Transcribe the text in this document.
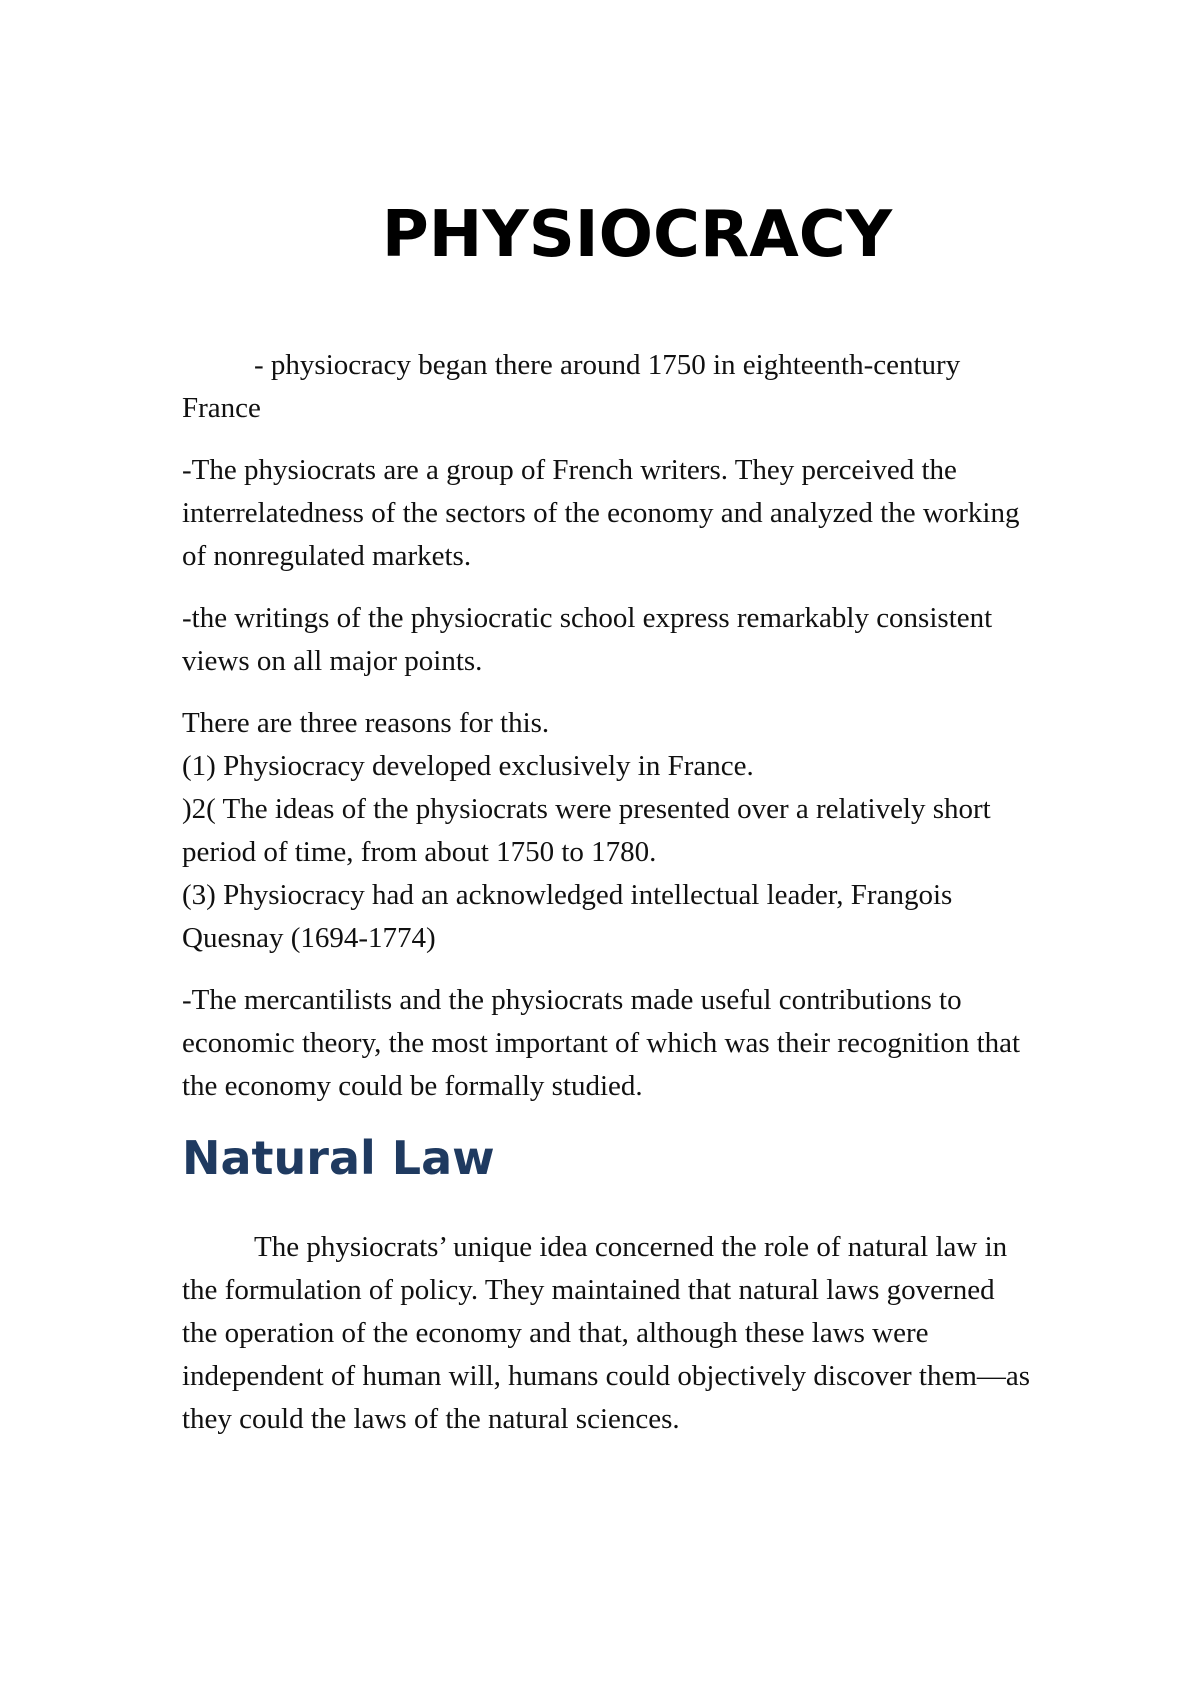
PHYSIOCRACY

- physiocracy began there around 1750 in eighteenth-century France

-The physiocrats are a group of French writers. They perceived the interrelatedness of the sectors of the economy and analyzed the working of nonregulated markets.

-the writings of the physiocratic school express remarkably consistent views on all major points.

There are three reasons for this.
(1) Physiocracy developed exclusively in France.
)2( The ideas of the physiocrats were presented over a relatively short period of time, from about 1750 to 1780.
(3) Physiocracy had an acknowledged intellectual leader, Frangois Quesnay (1694-1774)

-The mercantilists and the physiocrats made useful contributions to economic theory, the most important of which was their recognition that the economy could be formally studied.

Natural Law

The physiocrats’ unique idea concerned the role of natural law in the formulation of policy. They maintained that natural laws governed the operation of the economy and that, although these laws were independent of human will, humans could objectively discover them—as they could the laws of the natural sciences.
